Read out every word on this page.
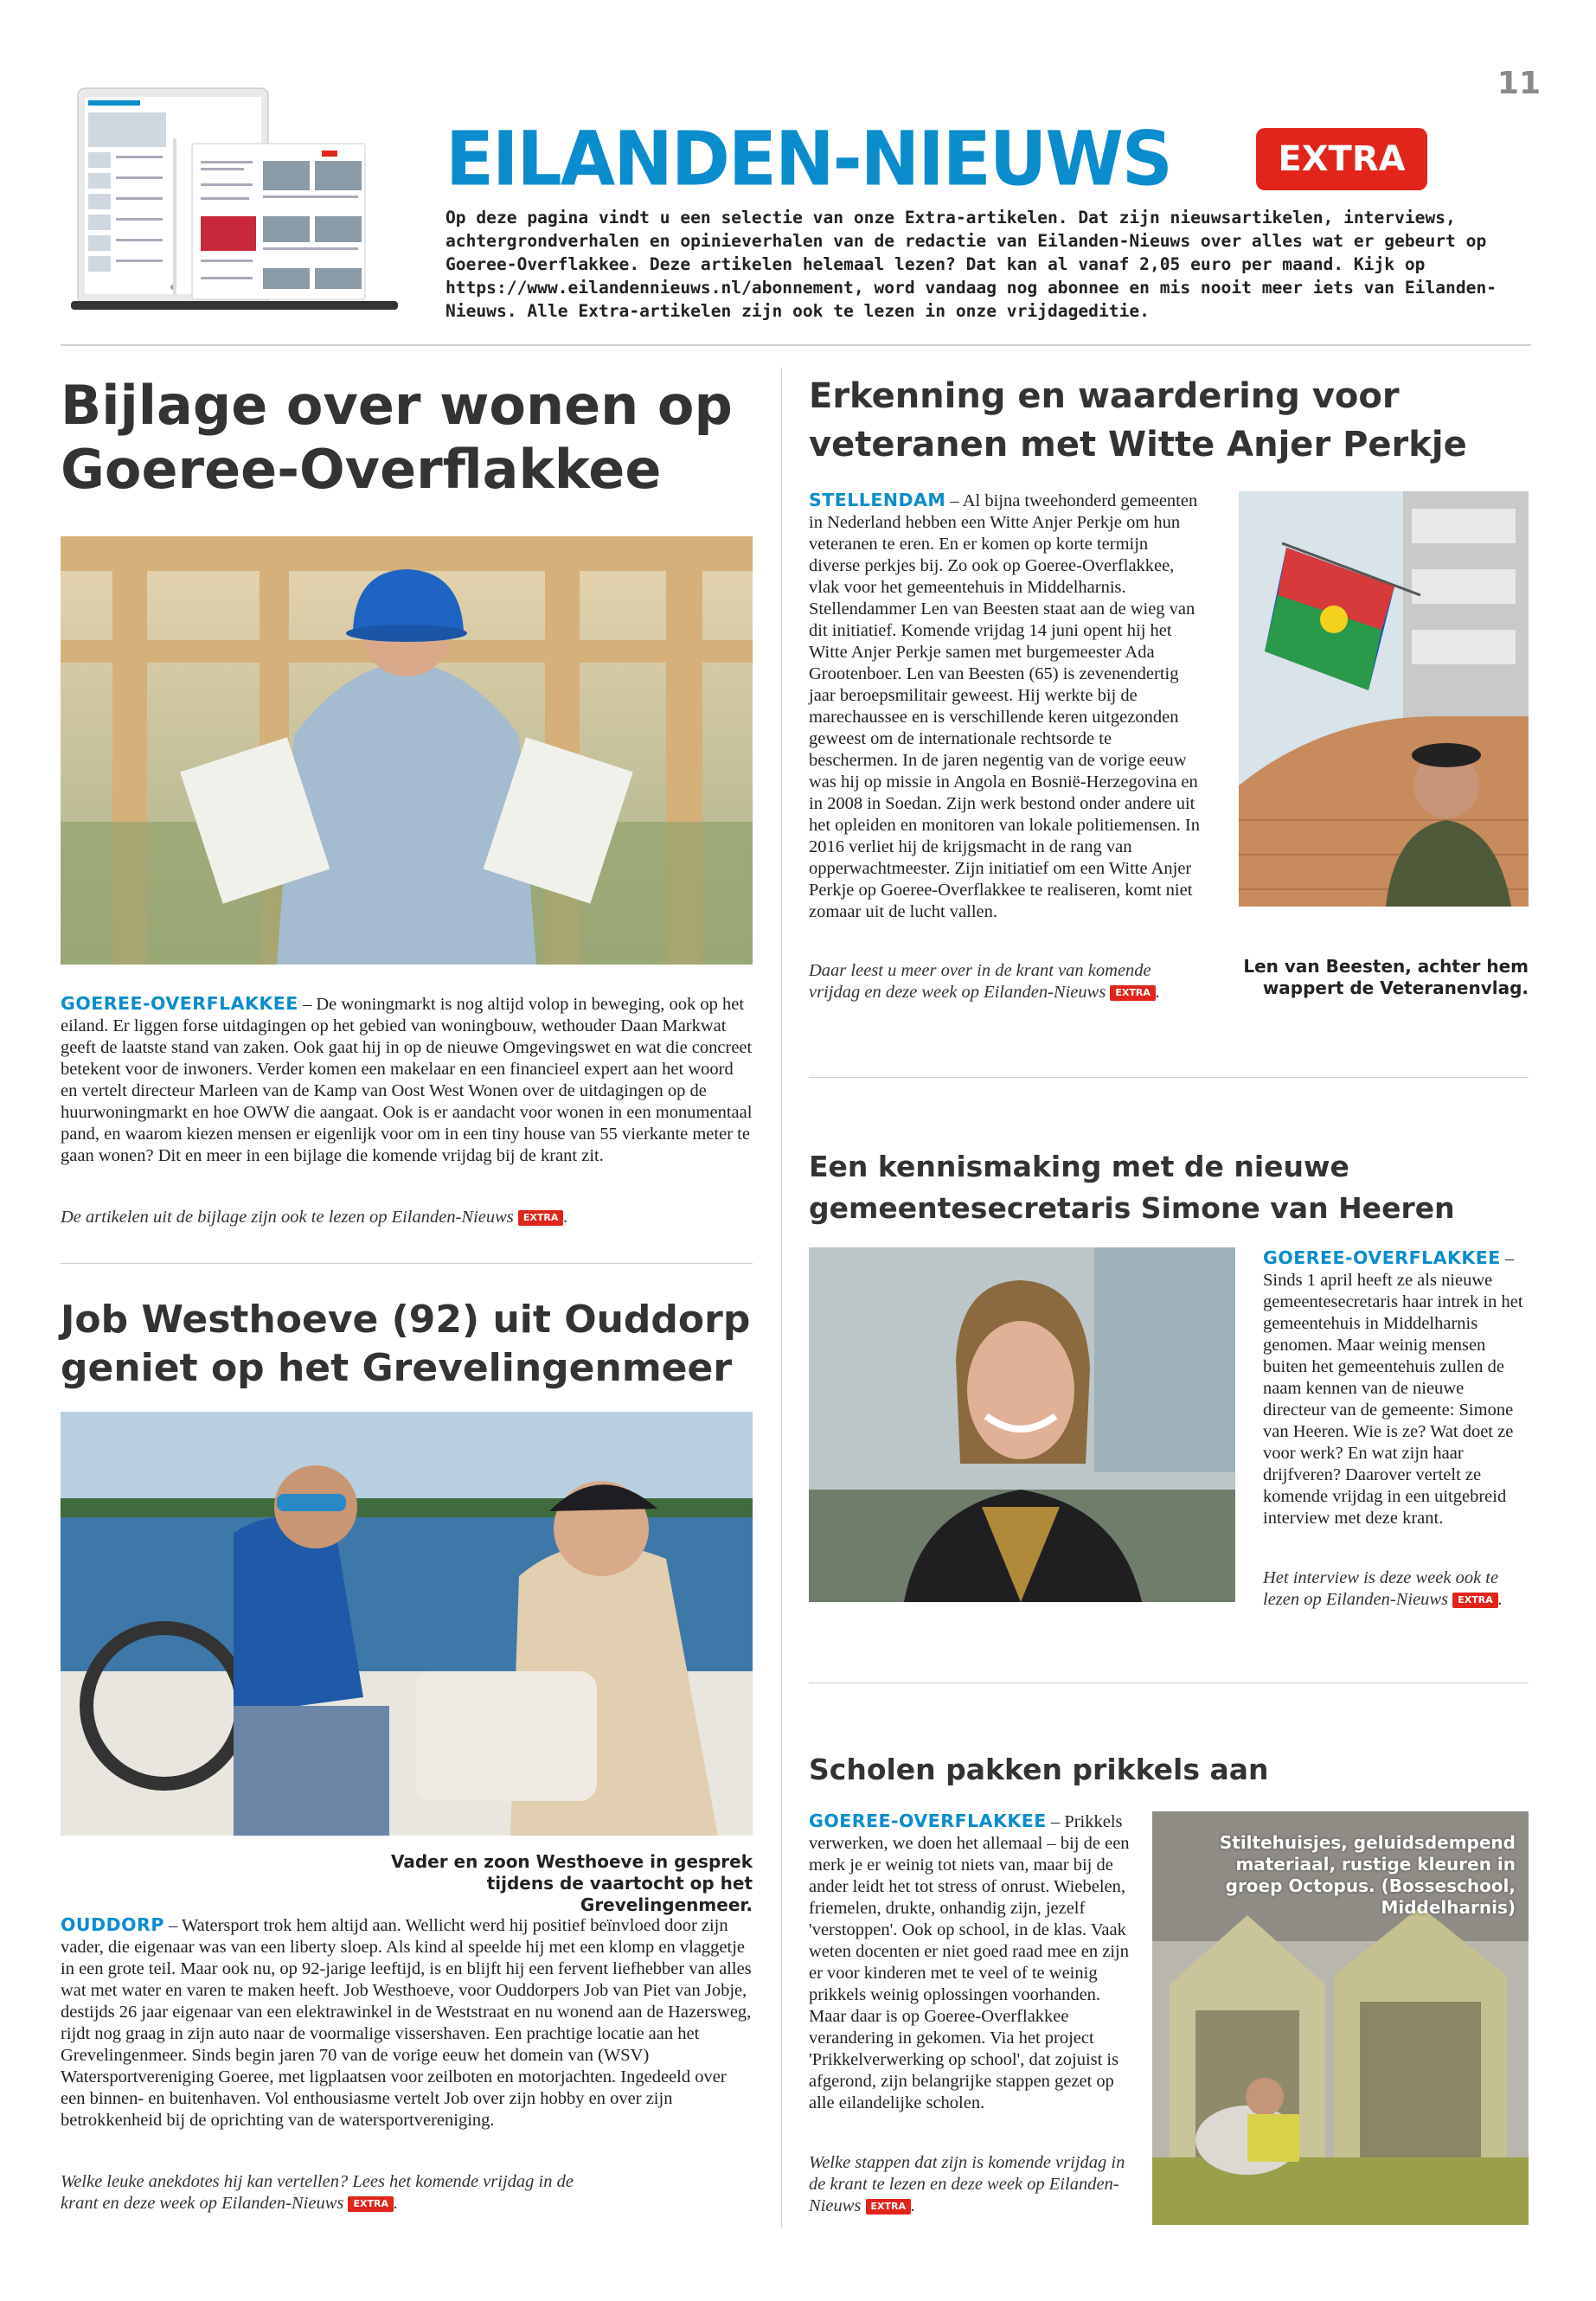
11
EILANDEN-NIEUWS	EXTRA
Op deze pagina vindt u een selectie van onze Extra-artikelen. Dat zijn nieuwsartikelen, interviews, achtergrondverhalen en opinieverhalen van de redactie van Eilanden-Nieuws over alles wat er gebeurt op Goeree-Overflakkee. Deze artikelen helemaal lezen? Dat kan al vanaf 2,05 euro per maand. Kijk op https://www.eilandennieuws.nl/abonnement, word vandaag nog abonnee en mis nooit meer iets van Eilanden-Nieuws. Alle Extra-artikelen zijn ook te lezen in onze vrijdageditie.
Bijlage over wonen op Goeree-Overflakkee

GOEREE-OVERFLAKKEE – De woningmarkt is nog altijd volop in beweging, ook op het eiland. Er liggen forse uitdagingen op het gebied van woningbouw, wethouder Daan Markwat geeft de laatste stand van zaken. Ook gaat hij in op de nieuwe Omgevingswet en wat die concreet betekent voor de inwoners. Verder komen een makelaar en een financieel expert aan het woord en vertelt directeur Marleen van de Kamp van Oost West Wonen over de uitdagingen op de huurwoningmarkt en hoe OWW die aangaat. Ook is er aandacht voor wonen in een monumentaal pand, en waarom kiezen mensen er eigenlijk voor om in een tiny house van 55 vierkante meter te gaan wonen? Dit en meer in een bijlage die komende vrijdag bij de krant zit.

De artikelen uit de bijlage zijn ook te lezen op Eilanden-Nieuws EXTRA .

Job Westhoeve (92) uit Ouddorp geniet op het Grevelingenmeer
Vader en zoon Westhoeve in gesprek tijdens de vaartocht op het Grevelingenmeer.

OUDDORP – Watersport trok hem altijd aan. Wellicht werd hij positief beïnvloed door zijn vader, die eigenaar was van een liberty sloep. Als kind al speelde hij met een klomp en vlaggetje in een grote teil. Maar ook nu, op 92-jarige leeftijd, is en blijft hij een fervent liefhebber van alles wat met water en varen te maken heeft. Job Westhoeve, voor Ouddorpers Job van Piet van Jobje, destijds 26 jaar eigenaar van een elektrawinkel in de Weststraat en nu wonend aan de Hazersweg, rijdt nog graag in zijn auto naar de voormalige vissershaven. Een prachtige locatie aan het Grevelingenmeer. Sinds begin jaren 70 van de vorige eeuw het domein van (WSV) Watersportvereniging Goeree, met ligplaatsen voor zeilboten en motorjachten. Ingedeeld over een binnen- en buitenhaven. Vol enthousiasme vertelt Job over zijn hobby en over zijn betrokkenheid bij de oprichting van de watersportvereniging.

Welke leuke anekdotes hij kan vertellen? Lees het komende vrijdag in de krant en deze week op Eilanden-Nieuws EXTRA .

Erkenning en waardering voor veteranen met Witte Anjer Perkje

STELLENDAM – Al bijna tweehonderd gemeenten in Nederland hebben een Witte Anjer Perkje om hun veteranen te eren. En er komen op korte termijn diverse perkjes bij. Zo ook op Goeree-Overflakkee, vlak voor het gemeentehuis in Middelharnis. Stellendammer Len van Beesten staat aan de wieg van dit initiatief. Komende vrijdag 14 juni opent hij het Witte Anjer Perkje samen met burgemeester Ada Grootenboer. Len van Beesten (65) is zevenendertig jaar beroepsmilitair geweest. Hij werkte bij de marechaussee en is verschillende keren uitgezonden geweest om de internationale rechtsorde te beschermen. In de jaren negentig van de vorige eeuw was hij op missie in Angola en Bosnië-Herzegovina en in 2008 in Soedan. Zijn werk bestond onder andere uit het opleiden en monitoren van lokale politiemensen. In 2016 verliet hij de krijgsmacht in de rang van opperwachtmeester. Zijn initiatief om een Witte Anjer Perkje op Goeree-Overflakkee te realiseren, komt niet zomaar uit de lucht vallen.

Daar leest u meer over in de krant van komende vrijdag en deze week op Eilanden-Nieuws EXTRA .

Len van Beesten, achter hem wappert de Veteranenvlag.
Een kennismaking met de nieuwe gemeentesecretaris Simone van Heeren

GOEREE-OVERFLAKKEE – Sinds 1 april heeft ze als nieuwe gemeentesecretaris haar intrek in het gemeentehuis in Middelharnis genomen. Maar weinig mensen buiten het gemeentehuis zullen de naam kennen van de nieuwe directeur van de gemeente: Simone van Heeren. Wie is ze? Wat doet ze voor werk? En wat zijn haar drijfveren? Daarover vertelt ze komende vrijdag in een uitgebreid interview met deze krant.

Het interview is deze week ook te lezen op Eilanden-Nieuws EXTRA .

Scholen pakken prikkels aan

GOEREE-OVERFLAKKEE – Prikkels verwerken, we doen het allemaal – bij de een merk je er weinig tot niets van, maar bij de ander leidt het tot stress of onrust. Wiebelen, friemelen, drukte, onhandig zijn, jezelf 'verstoppen'. Ook op school, in de klas. Vaak weten docenten er niet goed raad mee en zijn er voor kinderen met te veel of te weinig prikkels weinig oplossingen voorhanden. Maar daar is op Goeree-Overflakkee verandering in gekomen. Via het project 'Prikkelverwerking op school', dat zojuist is afgerond, zijn belangrijke stappen gezet op alle eilandelijke scholen.

Welke stappen dat zijn is komende vrijdag in de krant te lezen en deze week op Eilanden-Nieuws EXTRA .

Stiltehuisjes, geluidsdempend materiaal, rustige kleuren in groep Octopus. (Bosseschool, Middelharnis)
